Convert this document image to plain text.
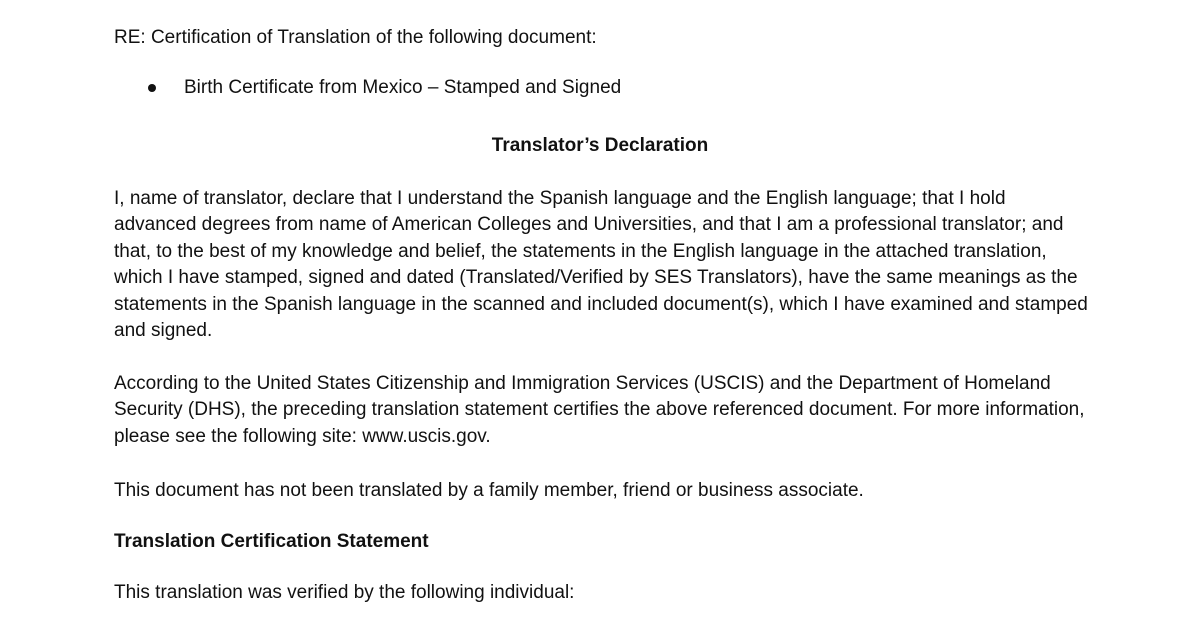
RE: Certification of Translation of the following document:
Birth Certificate from Mexico – Stamped and Signed
Translator’s Declaration

I, name of translator, declare that I understand the Spanish language and the English language; that I hold advanced degrees from name of American Colleges and Universities, and that I am a professional translator; and that, to the best of my knowledge and belief, the statements in the English language in the attached translation, which I have stamped, signed and dated (Translated/Verified by SES Translators), have the same meanings as the statements in the Spanish language in the scanned and included document(s), which I have examined and stamped and signed.

According to the United States Citizenship and Immigration Services (USCIS) and the Department of Homeland Security (DHS), the preceding translation statement certifies the above referenced document. For more information, please see the following site: www.uscis.gov.

This document has not been translated by a family member, friend or business associate.

Translation Certification Statement

This translation was verified by the following individual:
